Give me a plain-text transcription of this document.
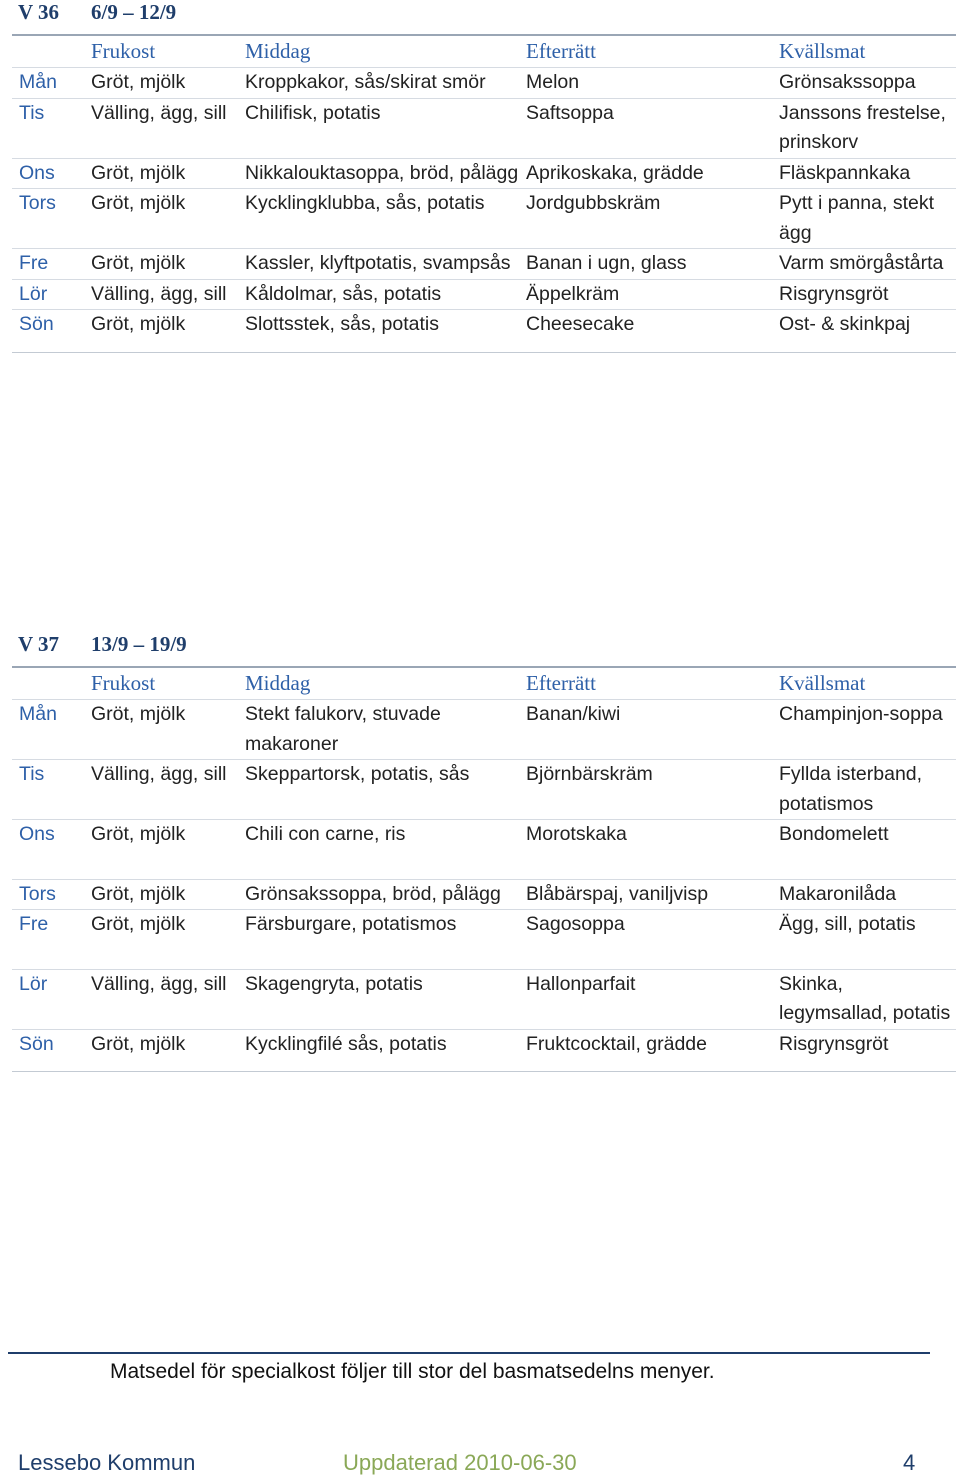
V 36 6/9 – 12/9
	Frukost	Middag	Efterrätt	Kvällsmat
Mån	Gröt, mjölk	Kroppkakor, sås/skirat smör	Melon	Grönsakssoppa
Tis	Välling, ägg, sill	Chilifisk, potatis	Saftsoppa	Janssons frestelse, prinskorv
Ons	Gröt, mjölk	Nikkalouktasoppa, bröd, pålägg	Aprikoskaka, grädde	Fläskpannkaka
Tors	Gröt, mjölk	Kycklingklubba, sås, potatis	Jordgubbskräm	Pytt i panna, stekt ägg
Fre	Gröt, mjölk	Kassler, klyftpotatis, svampsås	Banan i ugn, glass	Varm smörgåstårta
Lör	Välling, ägg, sill	Kåldolmar, sås, potatis	Äppelkräm	Risgrynsgröt
Sön	Gröt, mjölk	Slottsstek, sås, potatis	Cheesecake	Ost- & skinkpaj
V 37 13/9 – 19/9
	Frukost	Middag	Efterrätt	Kvällsmat
Mån	Gröt, mjölk	Stekt falukorv, stuvade makaroner	Banan/kiwi	Champinjon-soppa
Tis	Välling, ägg, sill	Skeppartorsk, potatis, sås	Björnbärskräm	Fyllda isterband, potatismos
Ons	Gröt, mjölk	Chili con carne, ris	Morotskaka	Bondomelett
Tors	Gröt, mjölk	Grönsakssoppa, bröd, pålägg	Blåbärspaj, vaniljvisp	Makaronilåda
Fre	Gröt, mjölk	Färsburgare, potatismos	Sagosoppa	Ägg, sill, potatis
Lör	Välling, ägg, sill	Skagengryta, potatis	Hallonparfait	Skinka, legymsallad, potatis
Sön	Gröt, mjölk	Kycklingfilé sås, potatis	Fruktcocktail, grädde	Risgrynsgröt
Matsedel för specialkost följer till stor del basmatsedelns menyer.
Lessebo Kommun	Uppdaterad 2010-06-30	4
